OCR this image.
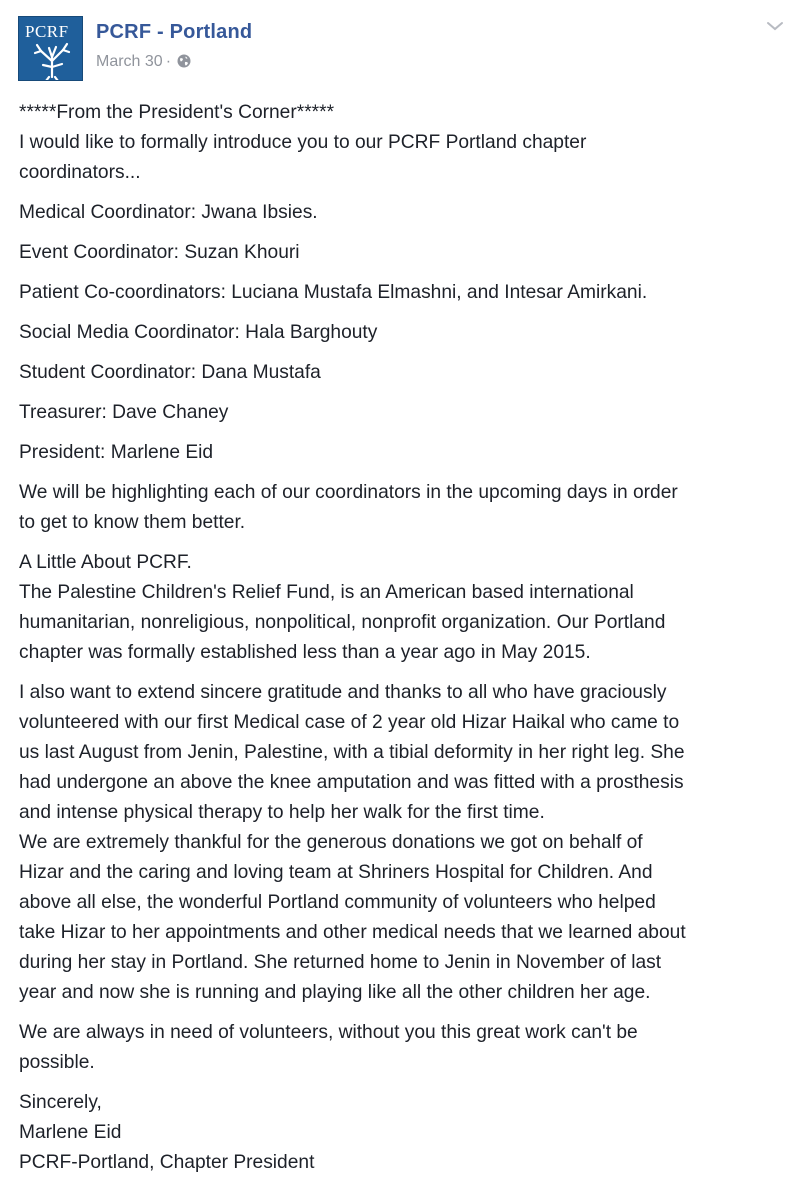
PCRF PCRF - Portland
March 30 ·
*****From the President's Corner*****
I would like to formally introduce you to our PCRF Portland chapter
coordinators...
Medical Coordinator: Jwana Ibsies.
Event Coordinator: Suzan Khouri
Patient Co-coordinators: Luciana Mustafa Elmashni, and Intesar Amirkani.
Social Media Coordinator: Hala Barghouty
Student Coordinator: Dana Mustafa
Treasurer: Dave Chaney
President: Marlene Eid
We will be highlighting each of our coordinators in the upcoming days in order
to get to know them better.
A Little About PCRF.
The Palestine Children's Relief Fund, is an American based international
humanitarian, nonreligious, nonpolitical, nonprofit organization. Our Portland
chapter was formally established less than a year ago in May 2015.
I also want to extend sincere gratitude and thanks to all who have graciously
volunteered with our first Medical case of 2 year old Hizar Haikal who came to
us last August from Jenin, Palestine, with a tibial deformity in her right leg. She
had undergone an above the knee amputation and was fitted with a prosthesis
and intense physical therapy to help her walk for the first time.
We are extremely thankful for the generous donations we got on behalf of
Hizar and the caring and loving team at Shriners Hospital for Children. And
above all else, the wonderful Portland community of volunteers who helped
take Hizar to her appointments and other medical needs that we learned about
during her stay in Portland. She returned home to Jenin in November of last
year and now she is running and playing like all the other children her age.
We are always in need of volunteers, without you this great work can't be
possible.
Sincerely,
Marlene Eid
PCRF-Portland, Chapter President
